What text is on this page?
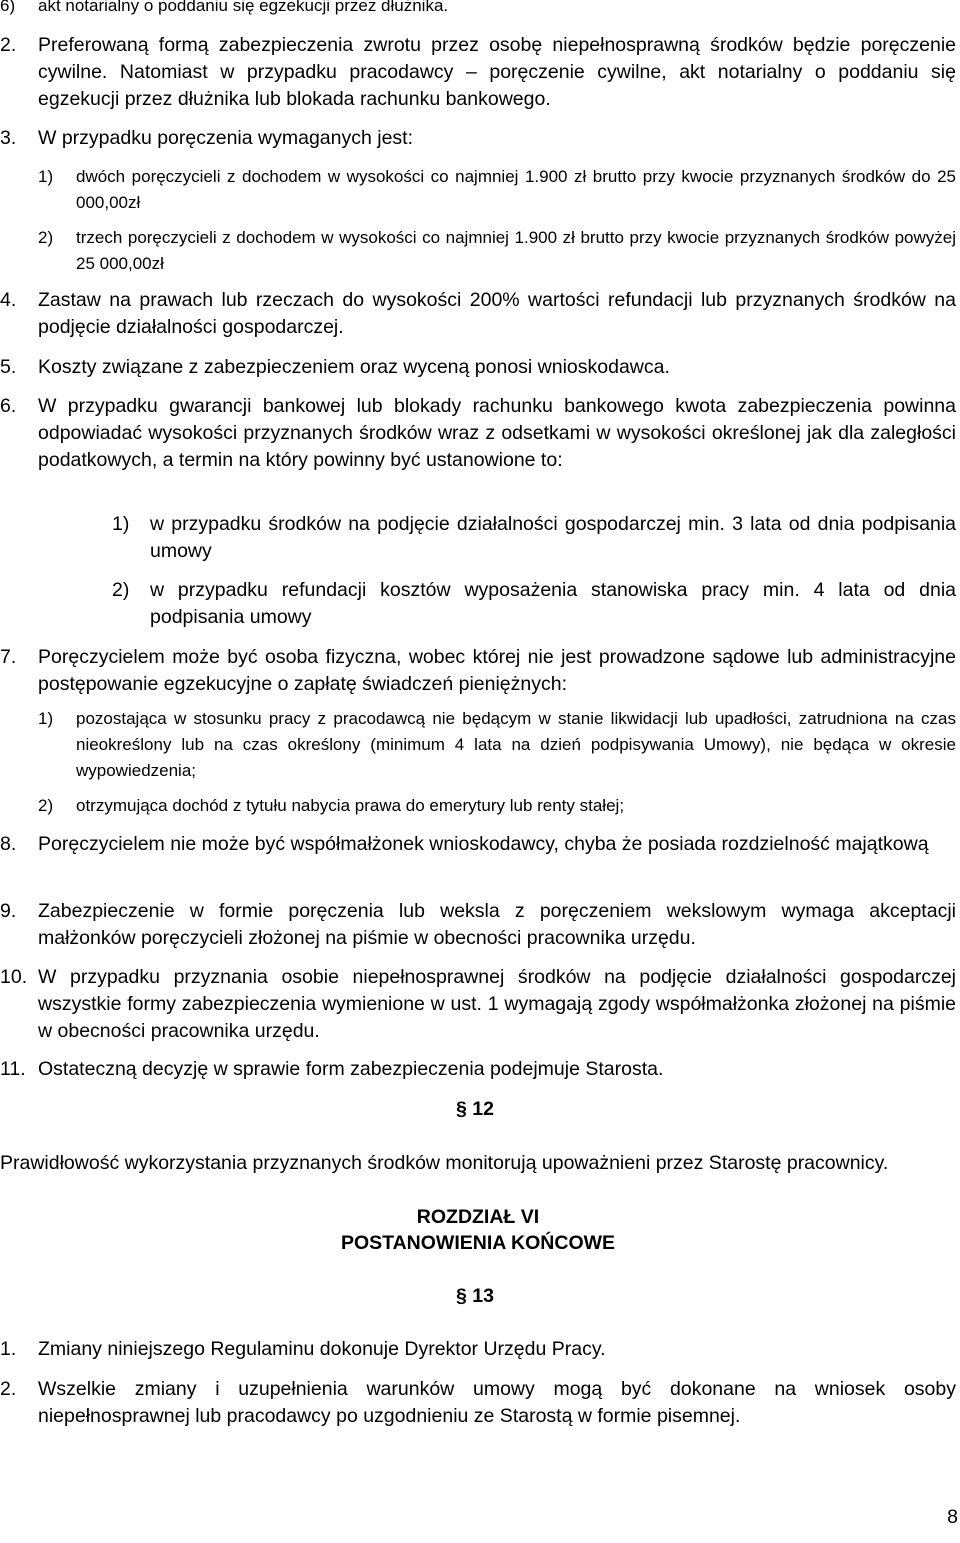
6)	akt notarialny o poddaniu się egzekucji przez dłużnika.
2.	Preferowaną formą zabezpieczenia zwrotu przez osobę niepełnosprawną środków będzie poręczenie cywilne. Natomiast w przypadku pracodawcy – poręczenie cywilne, akt notarialny o poddaniu się egzekucji przez dłużnika lub blokada rachunku bankowego.
3.	W przypadku poręczenia wymaganych jest:
1)	dwóch poręczycieli z dochodem w wysokości co najmniej 1.900 zł brutto przy kwocie przyznanych środków do 25 000,00zł
2)	trzech poręczycieli z dochodem w wysokości co najmniej 1.900 zł brutto przy kwocie przyznanych środków powyżej 25 000,00zł
4.	Zastaw na prawach lub rzeczach do wysokości 200% wartości refundacji lub przyznanych środków na podjęcie działalności gospodarczej.
5.	Koszty związane z zabezpieczeniem oraz wyceną ponosi wnioskodawca.
6.	W przypadku gwarancji bankowej lub blokady rachunku bankowego kwota zabezpieczenia powinna odpowiadać wysokości przyznanych środków wraz z odsetkami w wysokości określonej jak dla zaległości podatkowych, a termin na który powinny być ustanowione to:
1)	w przypadku środków na podjęcie działalności gospodarczej min. 3 lata od dnia podpisania umowy
2)	w przypadku refundacji kosztów wyposażenia stanowiska pracy min. 4 lata od dnia podpisania umowy
7.	Poręczycielem może być osoba fizyczna, wobec której nie jest prowadzone sądowe lub administracyjne postępowanie egzekucyjne o zapłatę świadczeń pieniężnych:
1)	pozostająca w stosunku pracy z pracodawcą nie będącym w stanie likwidacji lub upadłości, zatrudniona na czas nieokreślony lub na czas określony (minimum 4 lata na dzień podpisywania Umowy), nie będąca w okresie wypowiedzenia;
2)	otrzymująca dochód z tytułu nabycia prawa do emerytury lub renty stałej;
8.	Poręczycielem nie może być współmałżonek wnioskodawcy, chyba że posiada rozdzielność majątkową
9.	Zabezpieczenie w formie poręczenia lub weksla z poręczeniem wekslowym wymaga akceptacji małżonków poręczycieli złożonej na piśmie w obecności pracownika urzędu.
10. W przypadku przyznania osobie niepełnosprawnej środków na podjęcie działalności gospodarczej wszystkie formy zabezpieczenia wymienione w ust. 1 wymagają zgody współmałżonka złożonej na piśmie w obecności pracownika urzędu.
11. Ostateczną decyzję w sprawie form zabezpieczenia podejmuje Starosta.
§ 12
Prawidłowość wykorzystania przyznanych środków monitorują upoważnieni przez Starostę pracownicy.
ROZDZIAŁ VI
POSTANOWIENIA KOŃCOWE
§ 13
1.	Zmiany niniejszego Regulaminu dokonuje Dyrektor Urzędu Pracy.
2.	Wszelkie zmiany i uzupełnienia warunków umowy mogą być dokonane na wniosek osoby niepełnosprawnej lub pracodawcy po uzgodnieniu ze Starostą w formie pisemnej.
8
